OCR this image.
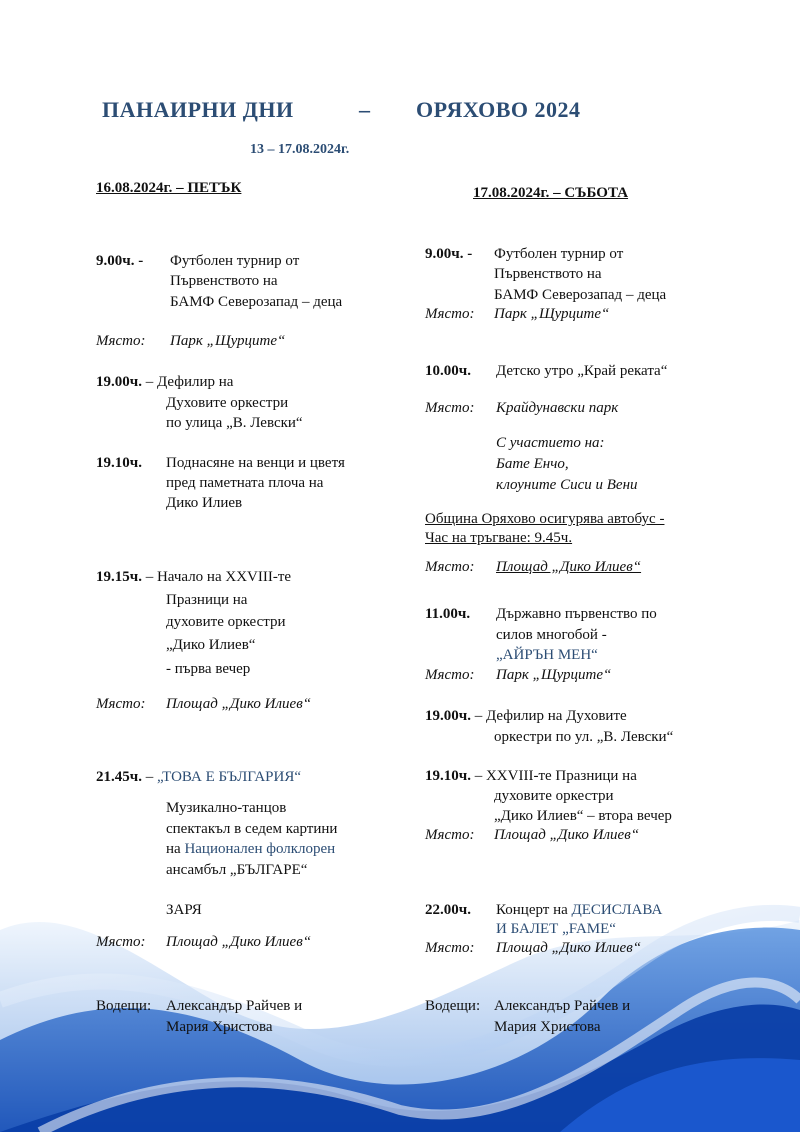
ПАНАИРНИ ДНИ	– ОРЯХОВО 2024
13 – 17.08.2024г.
16.08.2024г. – ПЕТЪК
9.00ч. - Футболен турнир от
Първенството на
БАМФ Северозапад – деца
Място: Парк „Щурците“
19.00ч. – Дефилир на
Духовите оркестри
по улица „В. Левски“
19.10ч. Поднасяне на венци и цветя
пред паметната плоча на
Дико Илиев
19.15ч. – Начало на XXVIII-те
Празници на
духовите оркестри
„Дико Илиев“
- първа вечер
Място: Площад „Дико Илиев“
21.45ч. – „ТОВА Е БЪЛГАРИЯ“
Музикално-танцов
спектакъл в седем картини
на Национален фолклорен
ансамбъл „БЪЛГАРЕ“
ЗАРЯ
Място: Площад „Дико Илиев“
Водещи: Александър Райчев и
Мария Христова
17.08.2024г. – СЪБОТА
9.00ч. - Футболен турнир от
Първенството на
БАМФ Северозапад – деца
Място: Парк „Щурците“
10.00ч. Детско утро „Край реката“
Място: Крайдунавски парк
С участието на:
Бате Енчо,
клоуните Сиси и Вени
Община Оряхово осигурява автобус -
Час на тръгване: 9.45ч.
Място: Площад „Дико Илиев“
11.00ч. Държавно първенство по
силов многобой -
„АЙРЪН МЕН“
Място: Парк „Щурците“
19.00ч. – Дефилир на Духовите
оркестри по ул. „В. Левски“
19.10ч. – XXVIII-те Празници на
духовите оркестри
„Дико Илиев“ – втора вечер
Място: Площад „Дико Илиев“
22.00ч. Концерт на ДЕСИСЛАВА
И БАЛЕТ „FAME“
Място: Площад „Дико Илиев“
Водещи: Александър Райчев и
Мария Христова
